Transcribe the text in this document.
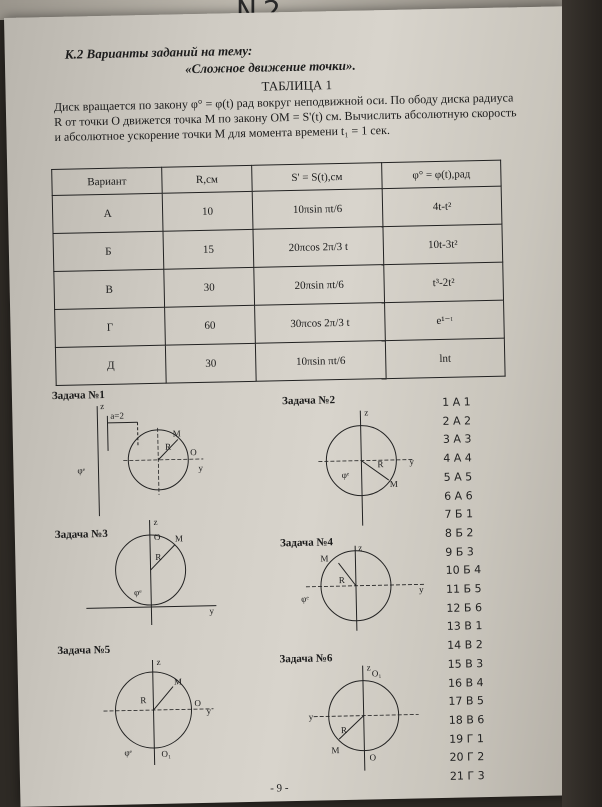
К.2 Варианты заданий на тему:
«Сложное движение точки».
ТАБЛИЦА 1
Диск вращается по закону φ° = φ(t) рад вокруг неподвижной оси. По ободу диска радиуса R от точки O движется точка M по закону OM = S'(t) см. Вычислить абсолютную скорость и абсолютное ускорение точки M для момента времени t₁ = 1 сек.
Вариант	R,см	S' = S(t),см	φ° = φ(t),рад
А	10	10πsin πt/6	4t-t²
Б	15	20πcos 2π/3 t	10t-3t²
В	30	20πsin πt/6	t³-2t²
Г	60	30πcos 2π/3 t	e¹⁻ᵗ
Д	30	10πsin πt/6	lnt
Задача №1	Задача №2
Задача №3
Задача №4
Задача №5
Задача №6
z
a=2
M
R
O
y
φᵉ
z
R
M
y
φᵉ
z
O M
R
y
φᵉ
z
M
R
y
φᵉ
z
M
R	O
y
O₁
φᵉ
z
O₁
R
M
y
O
1 А 1
2 А 2
3 А 3
4 А 4
5 А 5
6 А 6
7 Б 1
8 Б 2
9 Б 3
10 Б 4
11 Б 5
12 Б 6
13 В 1
14 В 2
15 В 3
16 В 4
17 В 5
18 В 6
19 Г 1
20 Г 2
21 Г 3
- 9 -
